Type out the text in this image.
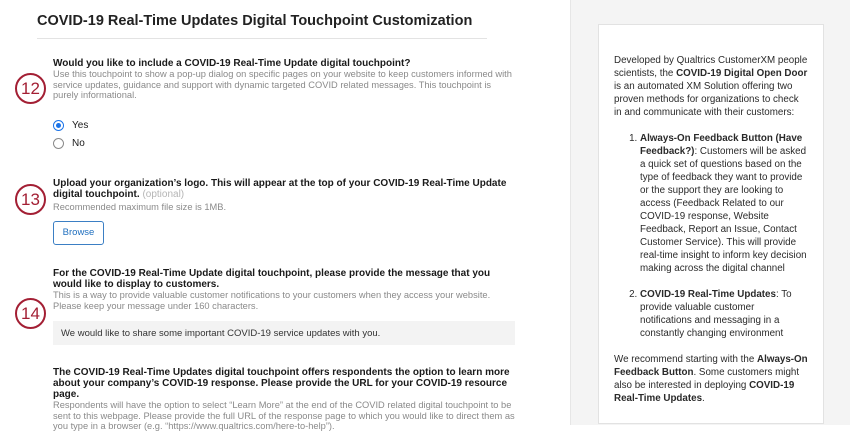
COVID-19 Real-Time Updates Digital Touchpoint Customization
12
13
14
Would you like to include a COVID-19 Real-Time Update digital touchpoint?
Use this touchpoint to show a pop-up dialog on specific pages on your website to keep customers informed with service updates, guidance and support with dynamic targeted COVID related messages. This touchpoint is purely informational.
Yes
No
Upload your organization’s logo. This will appear at the top of your COVID-19 Real-Time Update digital touchpoint. (optional)
Recommended maximum file size is 1MB.
Browse
For the COVID-19 Real-Time Update digital touchpoint, please provide the message that you would like to display to customers.
This is a way to provide valuable customer notifications to your customers when they access your website. Please keep your message under 160 characters.
We would like to share some important COVID-19 service updates with you.
The COVID-19 Real-Time Updates digital touchpoint offers respondents the option to learn more about your company’s COVID-19 response. Please provide the URL for your COVID-19 resource page.
Respondents will have the option to select “Learn More” at the end of the COVID related digital touchpoint to be sent to this webpage. Please provide the full URL of the response page to which you would like to direct them as you type in a browser (e.g. “https://www.qualtrics.com/here-to-help”).

Developed by Qualtrics CustomerXM people scientists, the COVID-19 Digital Open Door is an automated XM Solution offering two proven methods for organizations to check in and communicate with their customers:

1. Always-On Feedback Button (Have Feedback?): Customers will be asked a quick set of questions based on the type of feedback they want to provide or the support they are looking to access (Feedback Related to our COVID-19 response, Website Feedback, Report an Issue, Contact Customer Service). This will provide real-time insight to inform key decision making across the digital channel
2. COVID-19 Real-Time Updates: To provide valuable customer notifications and messaging in a constantly changing environment

We recommend starting with the Always-On Feedback Button. Some customers might also be interested in deploying COVID-19 Real-Time Updates.
